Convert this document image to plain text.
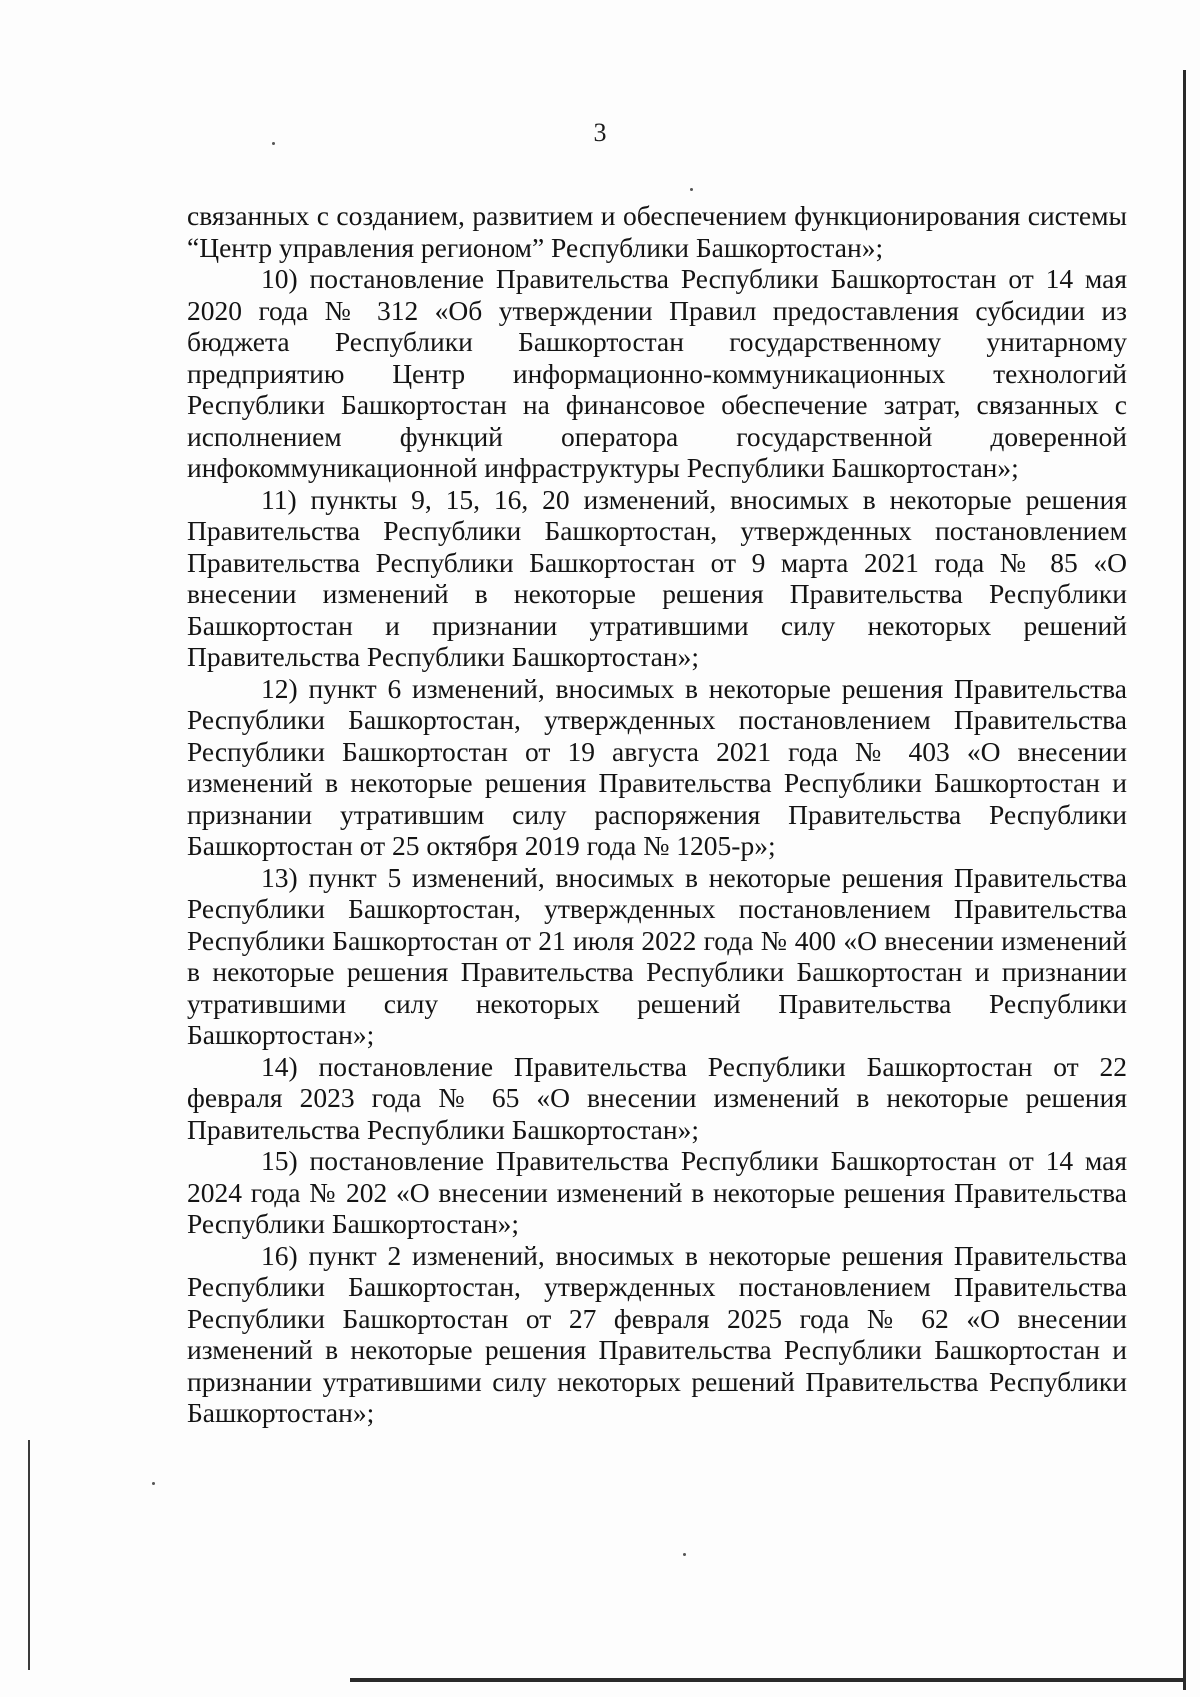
3

связанных с созданием, развитием и обеспечением функционирования системы “Центр управления регионом” Республики Башкортостан»;

10) постановление Правительства Республики Башкортостан от 14 мая 2020 года № 312 «Об утверждении Правил предоставления субсидии из бюджета Республики Башкортостан государственному унитарному предприятию Центр информационно-коммуникационных технологий Республики Башкортостан на финансовое обеспечение затрат, связанных с исполнением функций оператора государственной доверенной инфокоммуникационной инфраструктуры Республики Башкортостан»;

11) пункты 9, 15, 16, 20 изменений, вносимых в некоторые решения Правительства Республики Башкортостан, утвержденных постановлением Правительства Республики Башкортостан от 9 марта 2021 года № 85 «О внесении изменений в некоторые решения Правительства Республики Башкортостан и признании утратившими силу некоторых решений Правительства Республики Башкортостан»;

12) пункт 6 изменений, вносимых в некоторые решения Правительства Республики Башкортостан, утвержденных постановлением Правительства Республики Башкортостан от 19 августа 2021 года № 403 «О внесении изменений в некоторые решения Правительства Республики Башкортостан и признании утратившим силу распоряжения Правительства Республики Башкортостан от 25 октября 2019 года № 1205-р»;

13) пункт 5 изменений, вносимых в некоторые решения Правительства Республики Башкортостан, утвержденных постановлением Правительства Республики Башкортостан от 21 июля 2022 года № 400 «О внесении изменений в некоторые решения Правительства Республики Башкортостан и признании утратившими силу некоторых решений Правительства Республики Башкортостан»;

14) постановление Правительства Республики Башкортостан от 22 февраля 2023 года № 65 «О внесении изменений в некоторые решения Правительства Республики Башкортостан»;

15) постановление Правительства Республики Башкортостан от 14 мая 2024 года № 202 «О внесении изменений в некоторые решения Правительства Республики Башкортостан»;

16) пункт 2 изменений, вносимых в некоторые решения Правительства Республики Башкортостан, утвержденных постановлением Правительства Республики Башкортостан от 27 февраля 2025 года № 62 «О внесении изменений в некоторые решения Правительства Республики Башкортостан и признании утратившими силу некоторых решений Правительства Республики Башкортостан»;
